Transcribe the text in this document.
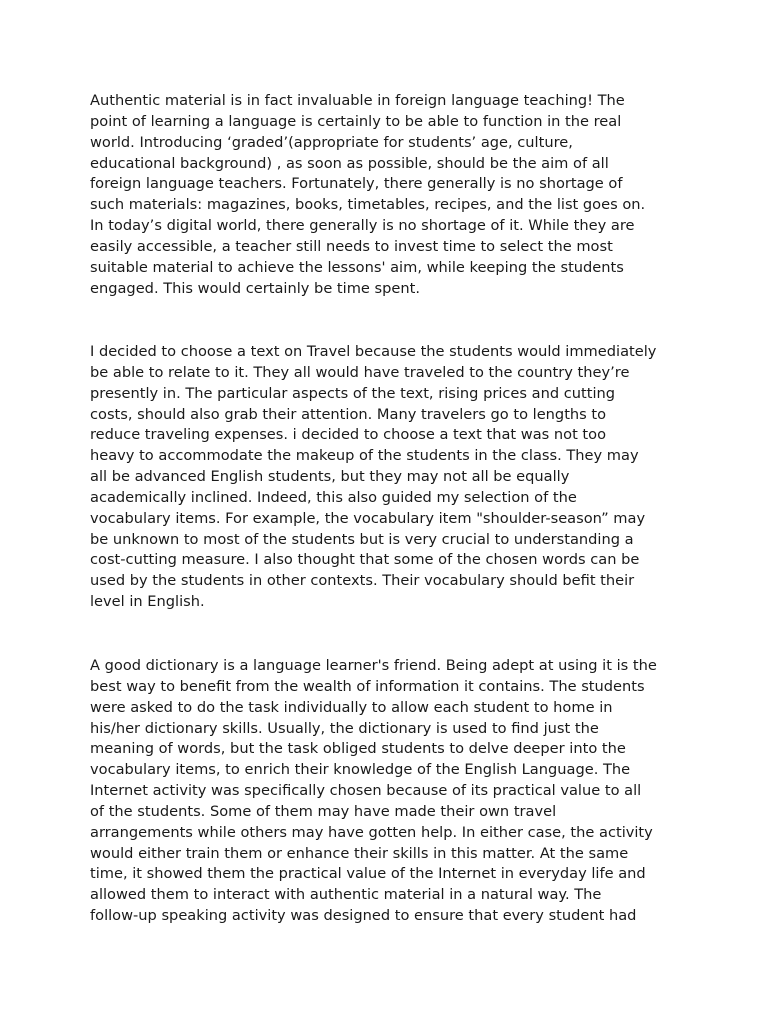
Authentic material is in fact invaluable in foreign language teaching! The
point of learning a language is certainly to be able to function in the real
world. Introducing ‘graded’(appropriate for students’ age, culture,
educational background) , as soon as possible, should be the aim of all
foreign language teachers. Fortunately, there generally is no shortage of
such materials: magazines, books, timetables, recipes, and the list goes on.
In today’s digital world, there generally is no shortage of it. While they are
easily accessible, a teacher still needs to invest time to select the most
suitable material to achieve the lessons' aim, while keeping the students
engaged. This would certainly be time spent.

I decided to choose a text on Travel because the students would immediately
be able to relate to it. They all would have traveled to the country they’re
presently in. The particular aspects of the text, rising prices and cutting
costs, should also grab their attention. Many travelers go to lengths to
reduce traveling expenses. i decided to choose a text that was not too
heavy to accommodate the makeup of the students in the class. They may
all be advanced English students, but they may not all be equally
academically inclined. Indeed, this also guided my selection of the
vocabulary items. For example, the vocabulary item "shoulder-season” may
be unknown to most of the students but is very crucial to understanding a
cost-cutting measure. I also thought that some of the chosen words can be
used by the students in other contexts. Their vocabulary should befit their
level in English.

A good dictionary is a language learner's friend. Being adept at using it is the
best way to benefit from the wealth of information it contains. The students
were asked to do the task individually to allow each student to home in
his/her dictionary skills. Usually, the dictionary is used to find just the
meaning of words, but the task obliged students to delve deeper into the
vocabulary items, to enrich their knowledge of the English Language. The
Internet activity was specifically chosen because of its practical value to all
of the students. Some of them may have made their own travel
arrangements while others may have gotten help. In either case, the activity
would either train them or enhance their skills in this matter. At the same
time, it showed them the practical value of the Internet in everyday life and
allowed them to interact with authentic material in a natural way. The
follow-up speaking activity was designed to ensure that every student had
